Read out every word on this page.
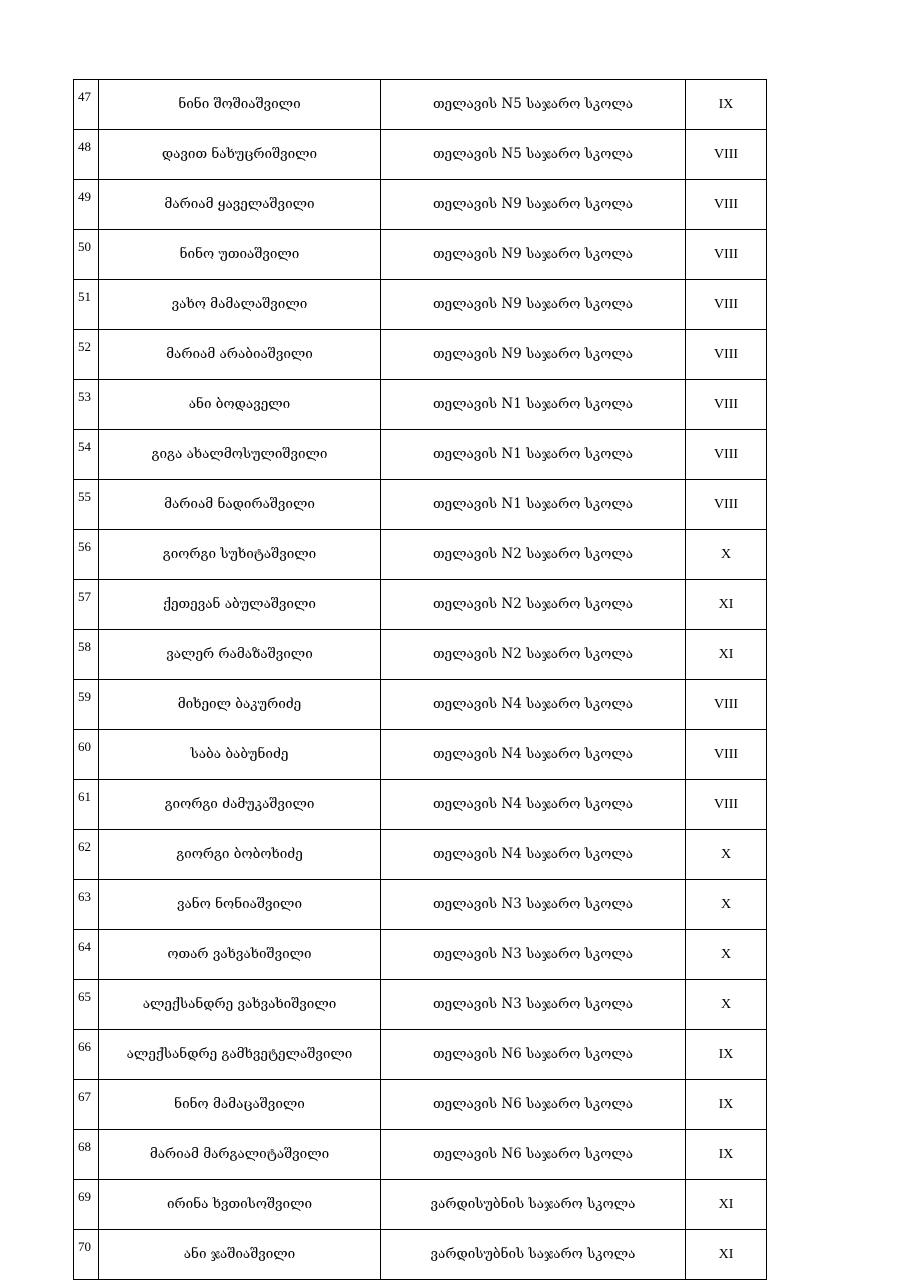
47	ნინი შოშიაშვილი	თელავის N5 საჯარო სკოლა	IX
48	დავით ნახუცრიშვილი	თელავის N5 საჯარო სკოლა	VIII
49	მარიამ ყაველაშვილი	თელავის N9 საჯარო სკოლა	VIII
50	ნინო უთიაშვილი	თელავის N9 საჯარო სკოლა	VIII
51	ვახო მამალაშვილი	თელავის N9 საჯარო სკოლა	VIII
52	მარიამ არაბიაშვილი	თელავის N9 საჯარო სკოლა	VIII
53	ანი ბოდაველი	თელავის N1 საჯარო სკოლა	VIII
54	გიგა ახალმოსულიშვილი	თელავის N1 საჯარო სკოლა	VIII
55	მარიამ ნადირაშვილი	თელავის N1 საჯარო სკოლა	VIII
56	გიორგი სუხიტაშვილი	თელავის N2 საჯარო სკოლა	X
57	ქეთევან აბულაშვილი	თელავის N2 საჯარო სკოლა	XI
58	ვალერ რამაზაშვილი	თელავის N2 საჯარო სკოლა	XI
59	მიხეილ ბაკურიძე	თელავის N4 საჯარო სკოლა	VIII
60	საბა ბაბუნიძე	თელავის N4 საჯარო სკოლა	VIII
61	გიორგი ძამუკაშვილი	თელავის N4 საჯარო სკოლა	VIII
62	გიორგი ბობოხიძე	თელავის N4 საჯარო სკოლა	X
63	ვანო ნონიაშვილი	თელავის N3 საჯარო სკოლა	X
64	ოთარ ვახვახიშვილი	თელავის N3 საჯარო სკოლა	X
65	ალექსანდრე ვახვახიშვილი	თელავის N3 საჯარო სკოლა	X
66	ალექსანდრე გამხვეტელაშვილი	თელავის N6 საჯარო სკოლა	IX
67	ნინო მამაცაშვილი	თელავის N6 საჯარო სკოლა	IX
68	მარიამ მარგალიტაშვილი	თელავის N6 საჯარო სკოლა	IX
69	ირინა ხვთისოშვილი	ვარდისუბნის საჯარო სკოლა	XI
70	ანი ჯაშიაშვილი	ვარდისუბნის საჯარო სკოლა	XI
